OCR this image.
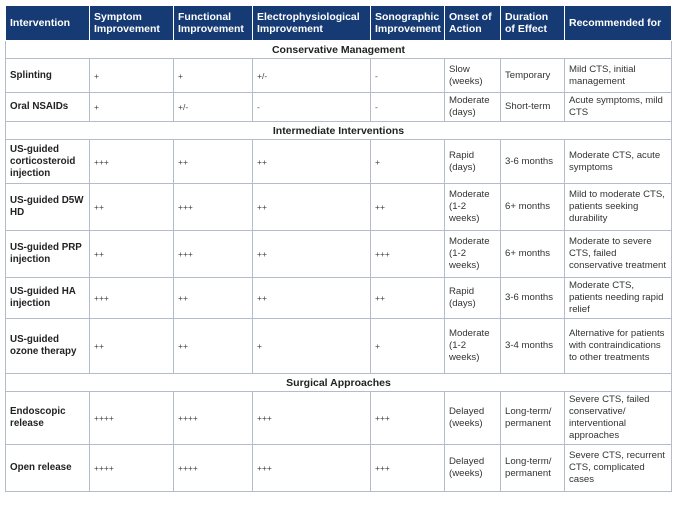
Intervention	Symptom Improvement	Functional Improvement	Electrophysiological Improvement	Sonographic Improvement	Onset of Action	Duration of Effect	Recommended for
Conservative Management							
Splinting	+	+	+/-	-	Slow (weeks)	Temporary	Mild CTS, initial management
Oral NSAIDs	+	+/-	-	-	Moderate (days)	Short-term	Acute symptoms, mild CTS
Intermediate Interventions							
US-guided corticosteroid injection	+++	++	++	+	Rapid (days)	3-6 months	Moderate CTS, acute symptoms
US-guided D5W HD	++	+++	++	++	Moderate (1-2 weeks)	6+ months	Mild to moderate CTS, patients seeking durability
US-guided PRP injection	++	+++	++	+++	Moderate (1-2 weeks)	6+ months	Moderate to severe CTS, failed conservative treatment
US-guided HA injection	+++	++	++	++	Rapid (days)	3-6 months	Moderate CTS, patients needing rapid relief
US-guided ozone therapy	++	++	+	+	Moderate (1-2 weeks)	3-4 months	Alternative for patients with contraindications to other treatments
Surgical Approaches							
Endoscopic release	++++	++++	+++	+++	Delayed (weeks)	Long-term/ permanent	Severe CTS, failed conservative/ interventional approaches
Open release	++++	++++	+++	+++	Delayed (weeks)	Long-term/ permanent	Severe CTS, recurrent CTS, complicated cases
